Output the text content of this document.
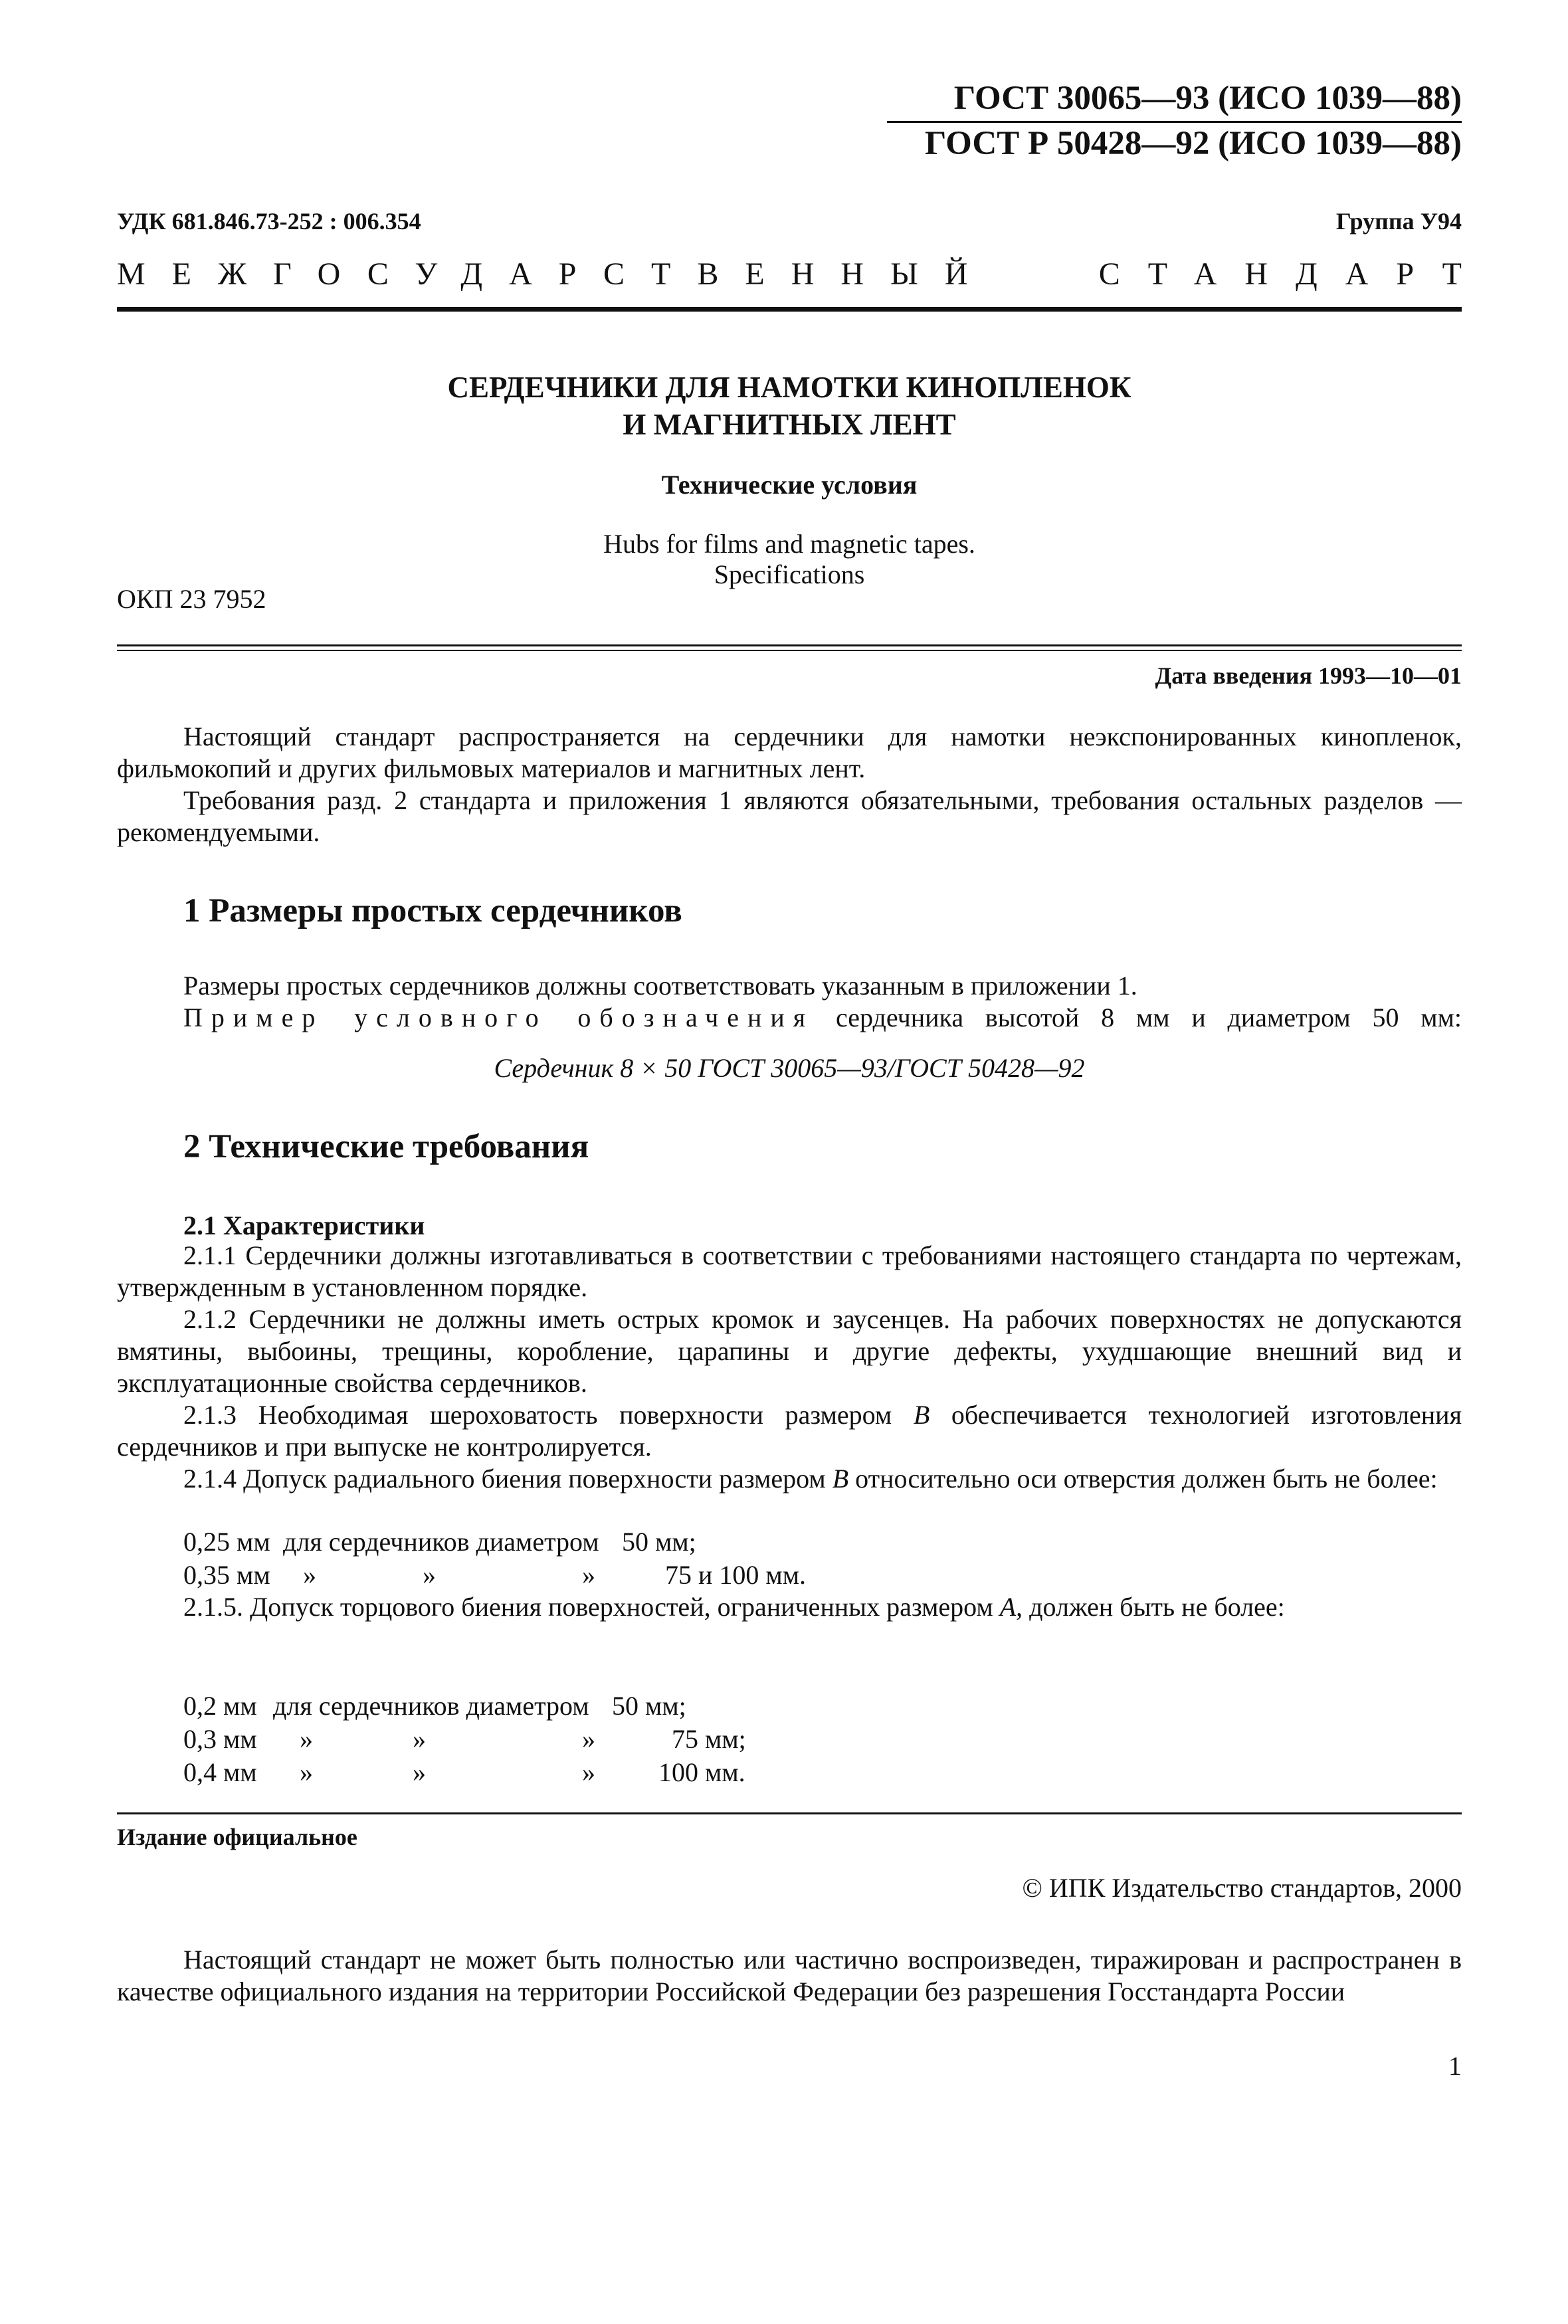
ГОСТ 30065—93 (ИСО 1039—88)
ГОСТ Р 50428—92 (ИСО 1039—88)
УДК 681.846.73-252 : 006.354	Группа У94
МЕЖГОСУДАРСТВЕННЫЙ	СТАНДАРТ
СЕРДЕЧНИКИ ДЛЯ НАМОТКИ КИНОПЛЕНОК
И МАГНИТНЫХ ЛЕНТ
Технические условия
Hubs for films and magnetic tapes.
Specifications
ОКП 23 7952
Дата введения 1993—10—01
Настоящий стандарт распространяется на сердечники для намотки неэкспонированных кинопленок, фильмокопий и других фильмовых материалов и магнитных лент.
Требования разд. 2 стандарта и приложения 1 являются обязательными, требования остальных разделов — рекомендуемыми.
1 Размеры простых сердечников
Размеры простых сердечников должны соответствовать указанным в приложении 1.
Пример условного обозначения сердечника высотой 8 мм и диаметром 50 мм:
Сердечник 8 × 50 ГОСТ 30065—93/ГОСТ 50428—92
2 Технические требования
2.1 Характеристики
2.1.1 Сердечники должны изготавливаться в соответствии с требованиями настоящего стандарта по чертежам, утвержденным в установленном порядке.
2.1.2 Сердечники не должны иметь острых кромок и заусенцев. На рабочих поверхностях не допускаются вмятины, выбоины, трещины, коробление, царапины и другие дефекты, ухудшающие внешний вид и эксплуатационные свойства сердечников.
2.1.3 Необходимая шероховатость поверхности размером В обеспечивается технологией изготовления сердечников и при выпуске не контролируется.
2.1.4 Допуск радиального биения поверхности размером В относительно оси отверстия должен быть не более:
0,25 мм для сердечников диаметром 50 мм;
0,35 мм »	»	»	75 и 100 мм.
2.1.5. Допуск торцового биения поверхностей, ограниченных размером А, должен быть не более:
0,2 мм для сердечников диаметром 50 мм;
0,3 мм »	»	»	75 мм;
0,4 мм »	»	» 100 мм.
Издание официальное
© ИПК Издательство стандартов, 2000
Настоящий стандарт не может быть полностью или частично воспроизведен, тиражирован и распространен в качестве официального издания на территории Российской Федерации без разрешения Госстандарта России
1
